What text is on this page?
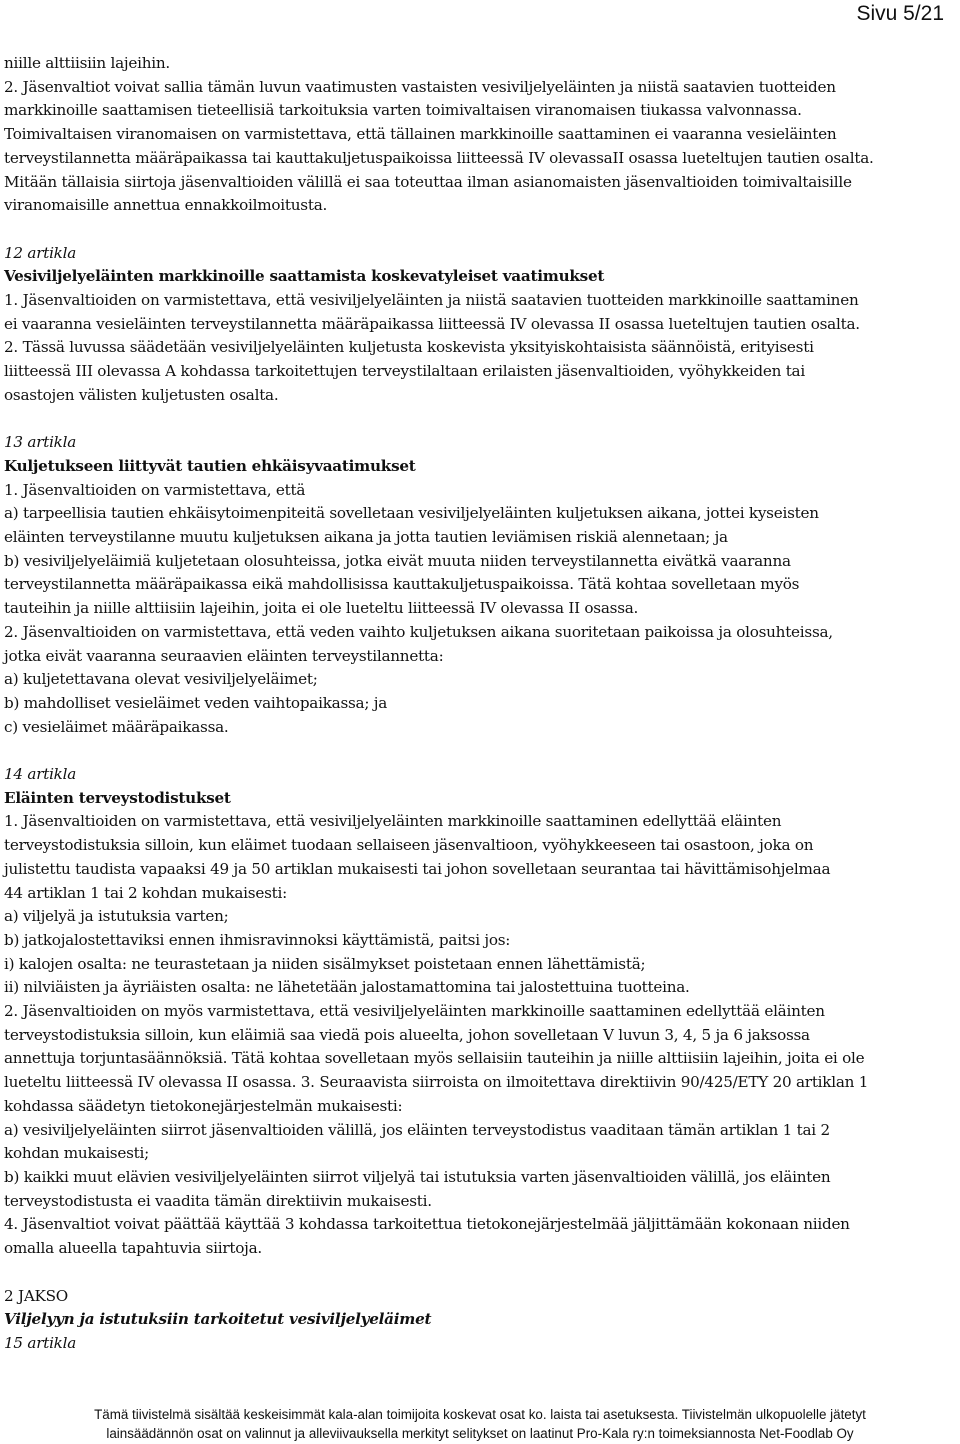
Sivu 5/21

niille alttiisiin lajeihin.

2. Jäsenvaltiot voivat sallia tämän luvun vaatimusten vastaisten vesiviljelyeläinten ja niistä saatavien tuotteiden

markkinoille saattamisen tieteellisiä tarkoituksia varten toimivaltaisen viranomaisen tiukassa valvonnassa.

Toimivaltaisen viranomaisen on varmistettava, että tällainen markkinoille saattaminen ei vaaranna vesieläinten

terveystilannetta määräpaikassa tai kauttakuljetuspaikoissa liitteessä IV olevassaII osassa lueteltujen tautien osalta.

Mitään tällaisia siirtoja jäsenvaltioiden välillä ei saa toteuttaa ilman asianomaisten jäsenvaltioiden toimivaltaisille

viranomaisille annettua ennakkoilmoitusta.

12 artikla

Vesiviljelyeläinten markkinoille saattamista koskevatyleiset vaatimukset

1. Jäsenvaltioiden on varmistettava, että vesiviljelyeläinten ja niistä saatavien tuotteiden markkinoille saattaminen

ei vaaranna vesieläinten terveystilannetta määräpaikassa liitteessä IV olevassa II osassa lueteltujen tautien osalta.

2. Tässä luvussa säädetään vesiviljelyeläinten kuljetusta koskevista yksityiskohtaisista säännöistä, erityisesti

liitteessä III olevassa A kohdassa tarkoitettujen terveystilaltaan erilaisten jäsenvaltioiden, vyöhykkeiden tai

osastojen välisten kuljetusten osalta.

13 artikla

Kuljetukseen liittyvät tautien ehkäisyvaatimukset

1. Jäsenvaltioiden on varmistettava, että

a) tarpeellisia tautien ehkäisytoimenpiteitä sovelletaan vesiviljelyeläinten kuljetuksen aikana, jottei kyseisten

eläinten terveystilanne muutu kuljetuksen aikana ja jotta tautien leviämisen riskiä alennetaan; ja

b) vesiviljelyeläimiä kuljetetaan olosuhteissa, jotka eivät muuta niiden terveystilannetta eivätkä vaaranna

terveystilannetta määräpaikassa eikä mahdollisissa kauttakuljetuspaikoissa. Tätä kohtaa sovelletaan myös

tauteihin ja niille alttiisiin lajeihin, joita ei ole lueteltu liitteessä IV olevassa II osassa.

2. Jäsenvaltioiden on varmistettava, että veden vaihto kuljetuksen aikana suoritetaan paikoissa ja olosuhteissa,

jotka eivät vaaranna seuraavien eläinten terveystilannetta:

a) kuljetettavana olevat vesiviljelyeläimet;

b) mahdolliset vesieläimet veden vaihtopaikassa; ja

c) vesieläimet määräpaikassa.

14 artikla

Eläinten terveystodistukset

1. Jäsenvaltioiden on varmistettava, että vesiviljelyeläinten markkinoille saattaminen edellyttää eläinten

terveystodistuksia silloin, kun eläimet tuodaan sellaiseen jäsenvaltioon, vyöhykkeeseen tai osastoon, joka on

julistettu taudista vapaaksi 49 ja 50 artiklan mukaisesti tai johon sovelletaan seurantaa tai hävittämisohjelmaa

44 artiklan 1 tai 2 kohdan mukaisesti:

a) viljelyä ja istutuksia varten;

b) jatkojalostettaviksi ennen ihmisravinnoksi käyttämistä, paitsi jos:

i) kalojen osalta: ne teurastetaan ja niiden sisälmykset poistetaan ennen lähettämistä;

ii) nilviäisten ja äyriäisten osalta: ne lähetetään jalostamattomina tai jalostettuina tuotteina.

2. Jäsenvaltioiden on myös varmistettava, että vesiviljelyeläinten markkinoille saattaminen edellyttää eläinten

terveystodistuksia silloin, kun eläimiä saa viedä pois alueelta, johon sovelletaan V luvun 3, 4, 5 ja 6 jaksossa

annettuja torjuntasäännöksiä. Tätä kohtaa sovelletaan myös sellaisiin tauteihin ja niille alttiisiin lajeihin, joita ei ole

lueteltu liitteessä IV olevassa II osassa. 3. Seuraavista siirroista on ilmoitettava direktiivin 90/425/ETY 20 artiklan 1

kohdassa säädetyn tietokonejärjestelmän mukaisesti:

a) vesiviljelyeläinten siirrot jäsenvaltioiden välillä, jos eläinten terveystodistus vaaditaan tämän artiklan 1 tai 2

kohdan mukaisesti;

b) kaikki muut elävien vesiviljelyeläinten siirrot viljelyä tai istutuksia varten jäsenvaltioiden välillä, jos eläinten

terveystodistusta ei vaadita tämän direktiivin mukaisesti.

4. Jäsenvaltiot voivat päättää käyttää 3 kohdassa tarkoitettua tietokonejärjestelmää jäljittämään kokonaan niiden

omalla alueella tapahtuvia siirtoja.

2 JAKSO

Viljelyyn ja istutuksiin tarkoitetut vesiviljelyeläimet

15 artikla

Tämä tiivistelmä sisältää keskeisimmät kala-alan toimijoita koskevat osat ko. laista tai asetuksesta. Tiivistelmän ulkopuolelle jätetyt
lainsäädännön osat on valinnut ja alleviivauksella merkityt selitykset on laatinut Pro-Kala ry:n toimeksiannosta Net-Foodlab Oy
